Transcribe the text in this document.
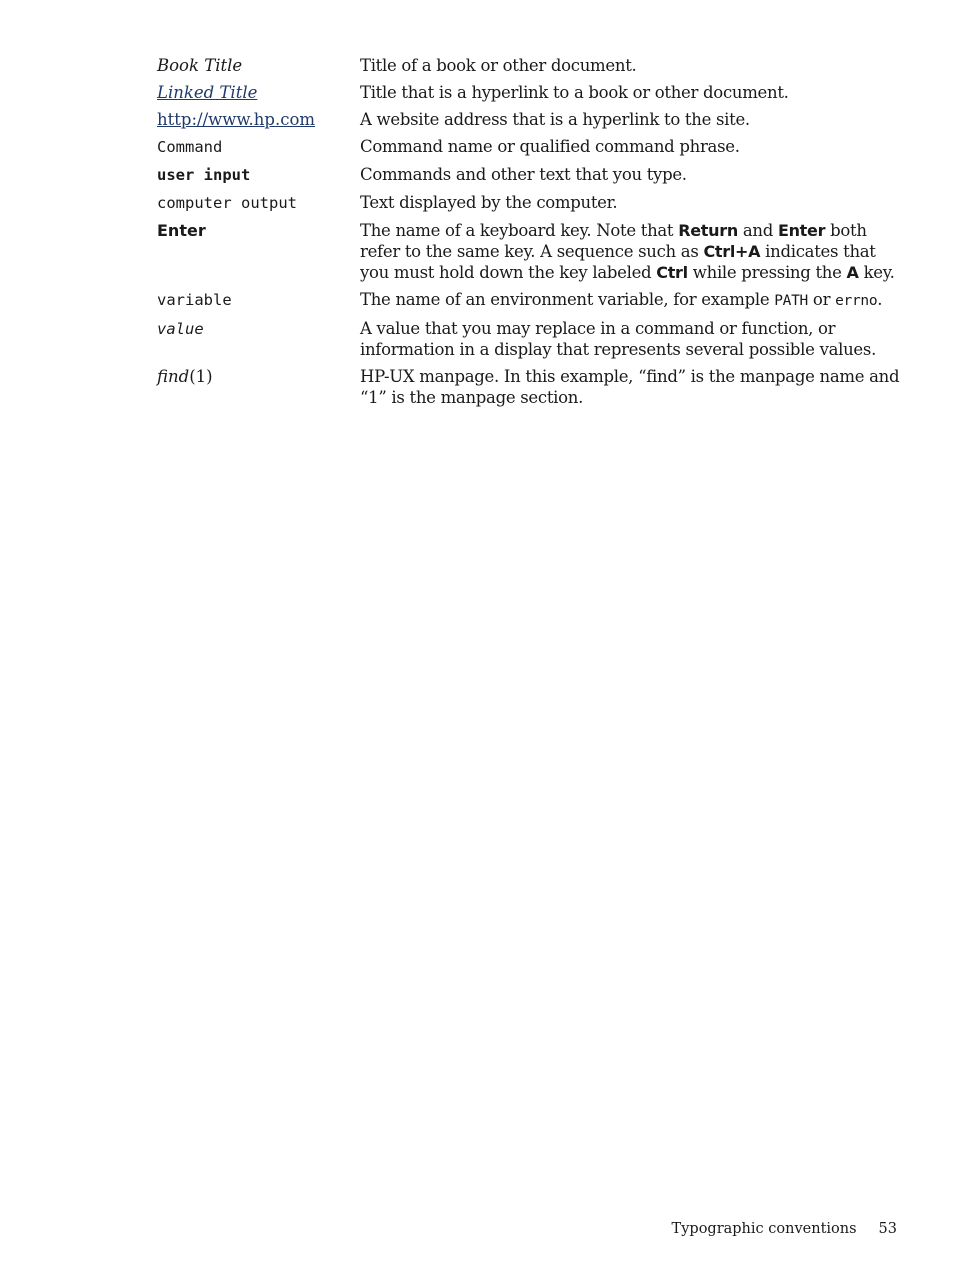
Book Title	Title of a book or other document.
Linked Title	Title that is a hyperlink to a book or other document.
http://www.hp.com	A website address that is a hyperlink to the site.
Command	Command name or qualified command phrase.
user input	Commands and other text that you type.
computer output	Text displayed by the computer.
Enter	The name of a keyboard key. Note that Return and Enter both refer to the same key. A sequence such as Ctrl+A indicates that you must hold down the key labeled Ctrl while pressing the A key.
variable	The name of an environment variable, for example PATH or errno.
value	A value that you may replace in a command or function, or information in a display that represents several possible values.
find(1)	HP-UX manpage. In this example, “find” is the manpage name and “1” is the manpage section.
Typographic conventions 53
